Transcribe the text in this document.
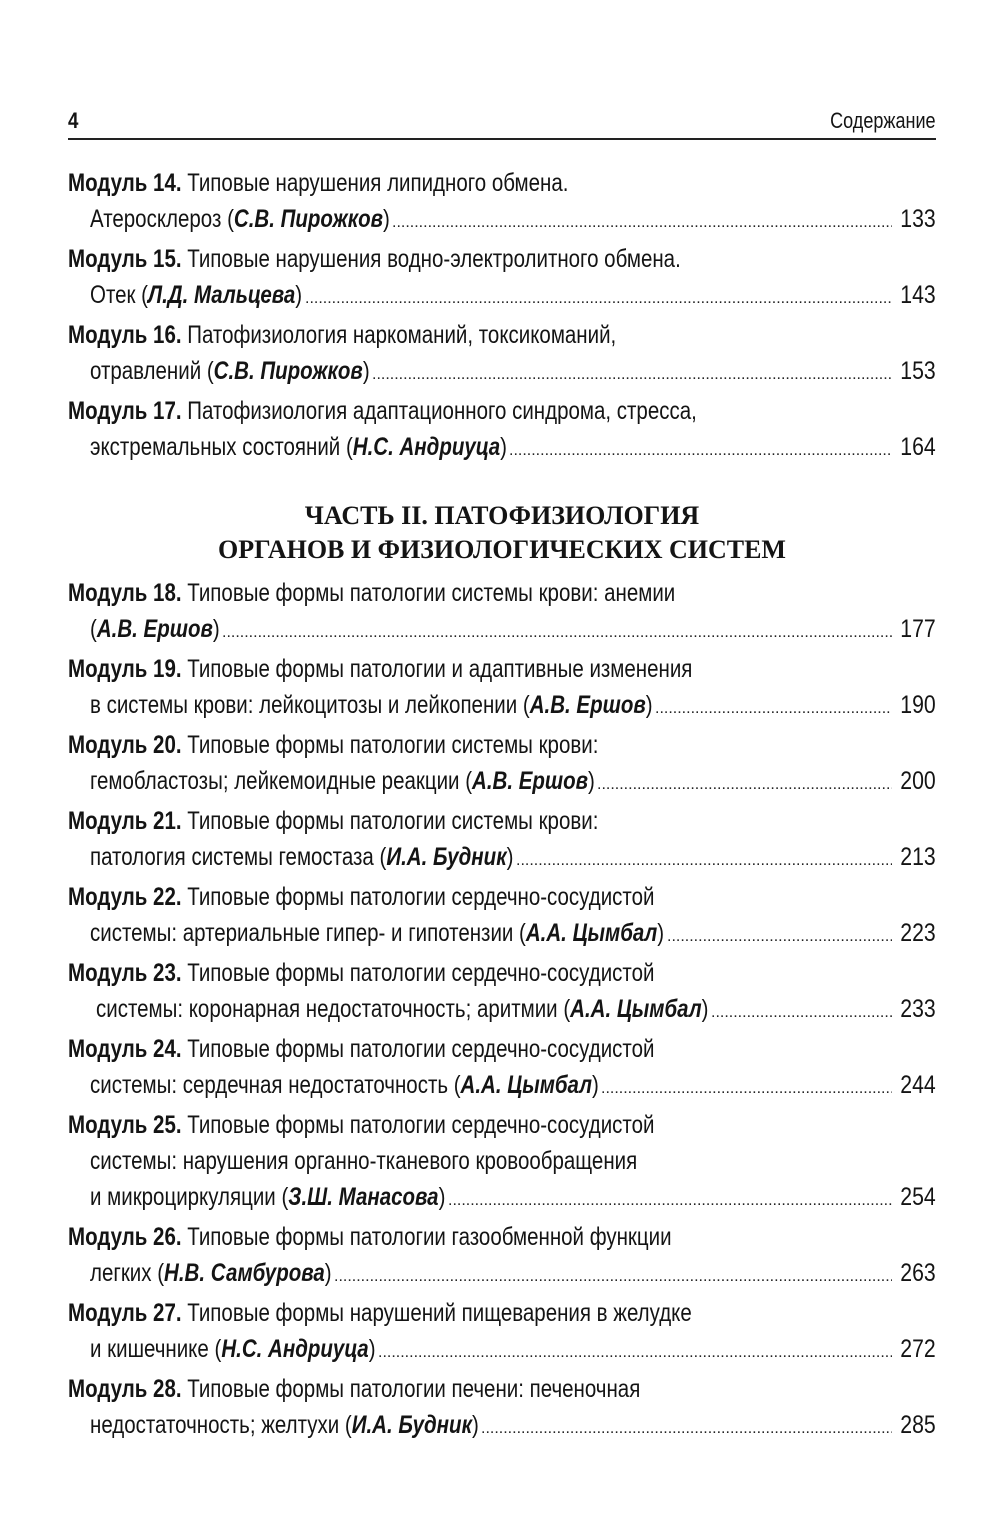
4	Содержание
Модуль 14. Типовые нарушения липидного обмена.
Атеросклероз (С.В. Пирожков) .....	133
Модуль 15. Типовые нарушения водно-электролитного обмена.
Отек (Л.Д. Мальцева) .....	143
Модуль 16. Патофизиология наркоманий, токсикоманий,
отравлений (С.В. Пирожков) .....	153
Модуль 17. Патофизиология адаптационного синдрома, стресса,
экстремальных состояний (Н.С. Андриуца) .....	164
ЧАСТЬ II. ПАТОФИЗИОЛОГИЯ
ОРГАНОВ И ФИЗИОЛОГИЧЕСКИХ СИСТЕМ
Модуль 18. Типовые формы патологии системы крови: анемии
(А.В. Ершов) .....	177
Модуль 19. Типовые формы патологии и адаптивные изменения
в системы крови: лейкоцитозы и лейкопении (А.В. Ершов) .....	190
Модуль 20. Типовые формы патологии системы крови:
гемобластозы; лейкемоидные реакции (А.В. Ершов) .....	200
Модуль 21. Типовые формы патологии системы крови:
патология системы гемостаза (И.А. Будник) .....	213
Модуль 22. Типовые формы патологии сердечно-сосудистой
системы: артериальные гипер- и гипотензии (А.А. Цымбал) .....	223
Модуль 23. Типовые формы патологии сердечно-сосудистой
системы: коронарная недостаточность; аритмии (А.А. Цымбал) .....	233
Модуль 24. Типовые формы патологии сердечно-сосудистой
системы: сердечная недостаточность (А.А. Цымбал) .....	244
Модуль 25. Типовые формы патологии сердечно-сосудистой
системы: нарушения органно-тканевого кровообращения
и микроциркуляции (З.Ш. Манасова) .....	254
Модуль 26. Типовые формы патологии газообменной функции
легких (Н.В. Самбурова) .....	263
Модуль 27. Типовые формы нарушений пищеварения в желудке
и кишечнике (Н.С. Андриуца) .....	272
Модуль 28. Типовые формы патологии печени: печеночная
недостаточность; желтухи (И.А. Будник) .....	285
